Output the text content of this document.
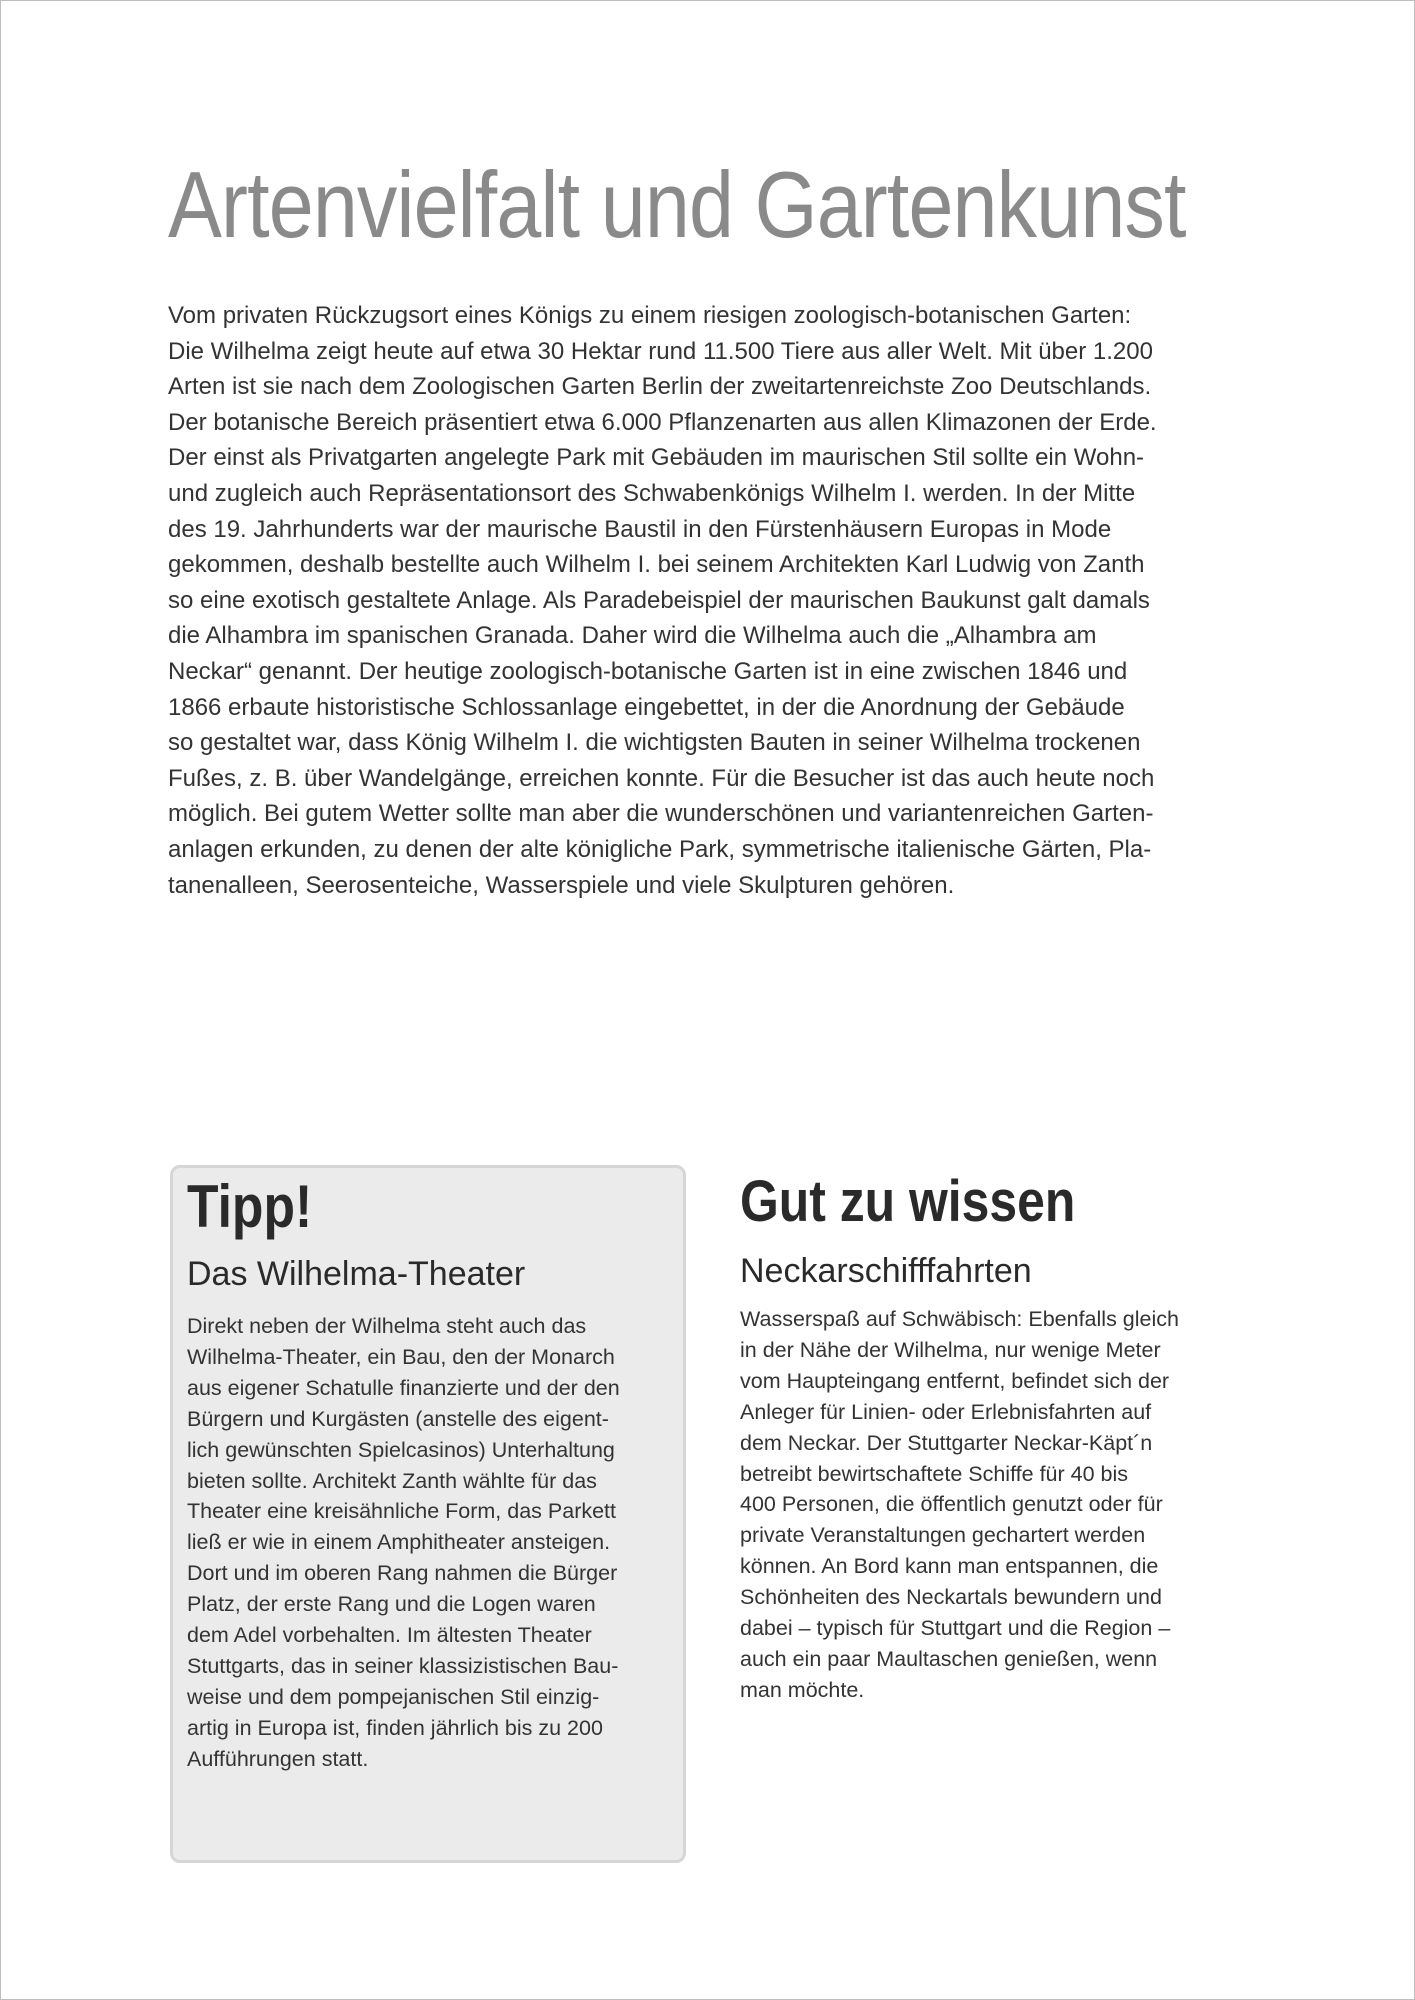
Artenvielfalt und Gartenkunst

Vom privaten Rückzugsort eines Königs zu einem riesigen zoologisch-botanischen Garten:
Die Wilhelma zeigt heute auf etwa 30 Hektar rund 11.500 Tiere aus aller Welt. Mit über 1.200
Arten ist sie nach dem Zoologischen Garten Berlin der zweitartenreichste Zoo Deutschlands.
Der botanische Bereich präsentiert etwa 6.000 Pflanzenarten aus allen Klimazonen der Erde.
Der einst als Privatgarten angelegte Park mit Gebäuden im maurischen Stil sollte ein Wohn-
und zugleich auch Repräsentationsort des Schwabenkönigs Wilhelm I. werden. In der Mitte
des 19. Jahrhunderts war der maurische Baustil in den Fürstenhäusern Europas in Mode
gekommen, deshalb bestellte auch Wilhelm I. bei seinem Architekten Karl Ludwig von Zanth
so eine exotisch gestaltete Anlage. Als Paradebeispiel der maurischen Baukunst galt damals
die Alhambra im spanischen Granada. Daher wird die Wilhelma auch die „Alhambra am
Neckar“ genannt. Der heutige zoologisch-botanische Garten ist in eine zwischen 1846 und
1866 erbaute historistische Schlossanlage eingebettet, in der die Anordnung der Gebäude
so gestaltet war, dass König Wilhelm I. die wichtigsten Bauten in seiner Wilhelma trockenen
Fußes, z. B. über Wandelgänge, erreichen konnte. Für die Besucher ist das auch heute noch
möglich. Bei gutem Wetter sollte man aber die wunderschönen und variantenreichen Garten-
anlagen erkunden, zu denen der alte königliche Park, symmetrische italienische Gärten, Pla-
tanenalleen, Seerosenteiche, Wasserspiele und viele Skulpturen gehören.

Tipp!
Das Wilhelma-Theater

Direkt neben der Wilhelma steht auch das
Wilhelma-Theater, ein Bau, den der Monarch
aus eigener Schatulle finanzierte und der den
Bürgern und Kurgästen (anstelle des eigent-
lich gewünschten Spielcasinos) Unterhaltung
bieten sollte. Architekt Zanth wählte für das
Theater eine kreisähnliche Form, das Parkett
ließ er wie in einem Amphitheater ansteigen.
Dort und im oberen Rang nahmen die Bürger
Platz, der erste Rang und die Logen waren
dem Adel vorbehalten. Im ältesten Theater
Stuttgarts, das in seiner klassizistischen Bau-
weise und dem pompejanischen Stil einzig-
artig in Europa ist, finden jährlich bis zu 200
Aufführungen statt.

Gut zu wissen
Neckarschifffahrten

Wasserspaß auf Schwäbisch: Ebenfalls gleich
in der Nähe der Wilhelma, nur wenige Meter
vom Haupteingang entfernt, befindet sich der
Anleger für Linien- oder Erlebnisfahrten auf
dem Neckar. Der Stuttgarter Neckar-Käpt´n
betreibt bewirtschaftete Schiffe für 40 bis
400 Personen, die öffentlich genutzt oder für
private Veranstaltungen gechartert werden
können. An Bord kann man entspannen, die
Schönheiten des Neckartals bewundern und
dabei – typisch für Stuttgart und die Region –
auch ein paar Maultaschen genießen, wenn
man möchte.
